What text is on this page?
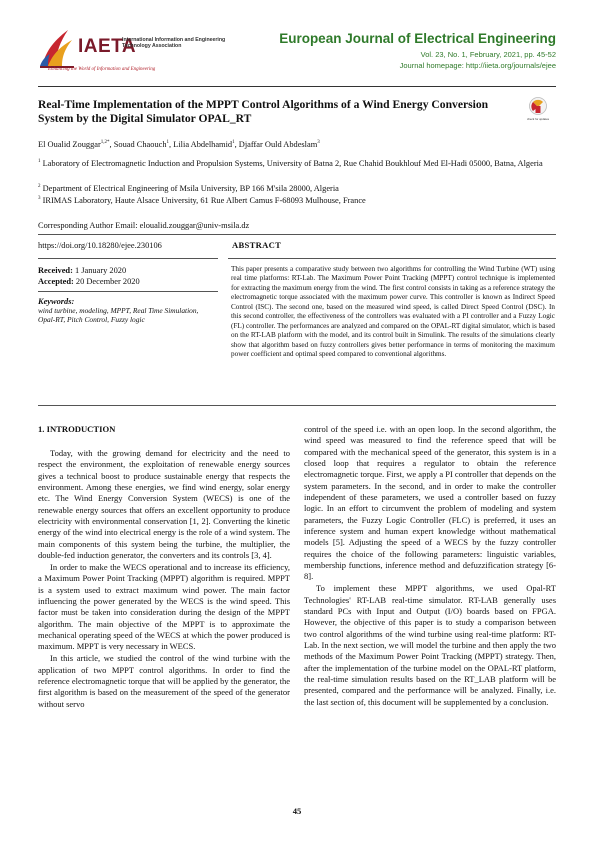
IAETA
International Information and Engineering Technology Association
Enhancing the World of Information and Engineering
European Journal of Electrical Engineering
Vol. 23, No. 1, February, 2021, pp. 45-52
Journal homepage: http://iieta.org/journals/ejee
Real-Time Implementation of the MPPT Control Algorithms of a Wind Energy Conversion System by the Digital Simulator OPAL_RT	check for updates
El Oualid Zouggar$^{1,2*}$, Souad Chaouch$^1$, Lilia Abdelhamid$^1$, Djaffar Ould Abdeslam$^3$
$^1$ Laboratory of Electromagnetic Induction and Propulsion Systems, University of Batna 2, Rue Chahid Boukhlouf Med El-Hadi 05000, Batna, Algeria
$^2$ Department of Electrical Engineering of Msila University, BP 166 M'sila 28000, Algeria
$^3$ IRIMAS Laboratory, Haute Alsace University, 61 Rue Albert Camus F-68093 Mulhouse, France
Corresponding Author Email: eloualid.zouggar@univ-msila.dz
https://doi.org/10.18280/ejee.230106
Received: 1 January 2020
Accepted: 20 December 2020
Keywords:
wind turbine, modeling, MPPT, Real Time Simulation, Opal-RT, Pitch Control, Fuzzy logic
ABSTRACT
This paper presents a comparative study between two algorithms for controlling the Wind Turbine (WT) using real time platforms: RT-Lab. The Maximum Power Point Tracking (MPPT) control technique is implemented for extracting the maximum energy from the wind. The first control consists in taking as a reference strategy the electromagnetic torque associated with the maximum power curve. This controller is known as Indirect Speed Control (ISC). The second one, based on the measured wind speed, is called Direct Speed Control (DSC). In this second controller, the effectiveness of the controllers was evaluated with a PI controller and a Fuzzy Logic (FL) controller. The performances are analyzed and compared on the OPAL-RT digital simulator, which is based on the RT-LAB platform with the model, and its control built in Simulink. The results of the simulations clearly show that algorithm based on fuzzy controllers gives better performance in terms of monitoring the maximum power coefficient and optimal speed compared to conventional algorithms.
1. INTRODUCTION

Today, with the growing demand for electricity and the need to respect the environment, the exploitation of renewable energy sources gives a technical boost to produce sustainable energy that respects the environment. Among these energies, we find wind energy, solar energy etc. The Wind Energy Conversion System (WECS) is one of the renewable energy sources that offers an excellent opportunity to produce electricity with environmental conservation [1, 2]. Converting the kinetic energy of the wind into electrical energy is the role of a wind system. The main components of this system being the turbine, the multiplier, the double-fed induction generator, the converters and its controls [3, 4].

In order to make the WECS operational and to increase its efficiency, a Maximum Power Point Tracking (MPPT) algorithm is required. MPPT is a system used to extract maximum wind power. The main factor influencing the power generated by the WECS is the wind speed. This factor must be taken into consideration during the design of the MPPT algorithm. The main objective of the MPPT is to approximate the mechanical operating speed of the WECS at which the power produced is maximum. MPPT is very necessary in WECS.

In this article, we studied the control of the wind turbine with the application of two MPPT control algorithms. In order to find the reference electromagnetic torque that will be applied by the generator, the first algorithm is based on the measurement of the speed of the generator without servo

control of the speed i.e. with an open loop. In the second algorithm, the wind speed was measured to find the reference speed that will be compared with the mechanical speed of the generator, this system is in a closed loop that requires a regulator to obtain the reference electromagnetic torque. First, we apply a PI controller that depends on the system parameters. In the second, and in order to make the controller independent of these parameters, we used a controller based on fuzzy logic. In an effort to circumvent the problem of modeling and system parameters, the Fuzzy Logic Controller (FLC) is preferred, it uses an inference system and human expert knowledge without mathematical models [5]. Adjusting the speed of a WECS by the fuzzy controller requires the choice of the following parameters: linguistic variables, membership functions, inference method and defuzzification strategy [6-8].

To implement these MPPT algorithms, we used Opal-RT Technologies' RT-LAB real-time simulator. RT-LAB generally uses standard PCs with Input and Output (I/O) boards based on FPGA. However, the objective of this paper is to study a comparison between two control algorithms of the wind turbine using real-time platform: RT-Lab. In the next section, we will model the turbine and then apply the two methods of the Maximum Power Point Tracking (MPPT) strategy. Then, after the implementation of the turbine model on the OPAL-RT platform, the real-time simulation results based on the RT_LAB platform will be presented, compared and the performance will be analyzed. Finally, i.e. the last section of, this document will be supplemented by a conclusion.

45
